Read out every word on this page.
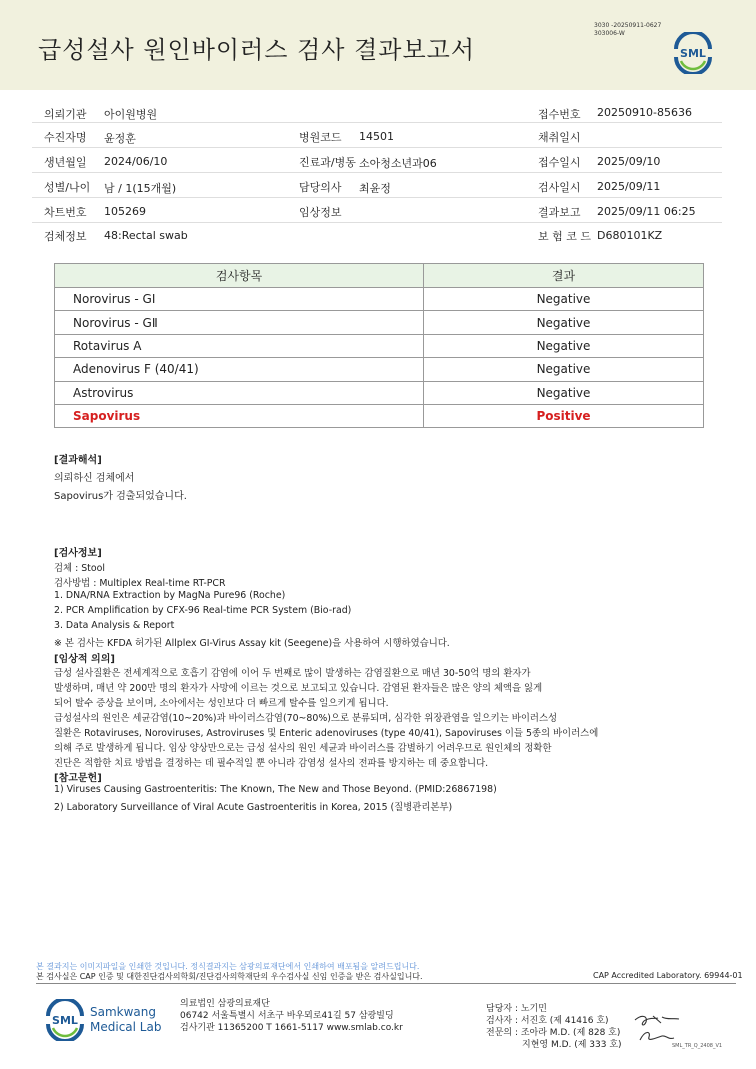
급성설사 원인바이러스 검사 결과보고서
3030 -20250911-0627
303006-W
SML
의뢰기관 아이원병원	접수번호 20250910-85636
수진자명 윤정훈	병원코드 14501	채취일시
생년월일 2024/06/10	진료과/병동 소아청소년과06	접수일시 2025/09/10
성별/나이 남 / 1(15개월)	담당의사 최윤정	검사일시 2025/09/11
차트번호 105269	임상정보	결과보고 2025/09/11 06:25
검체정보 48:Rectal swab	보 험 코 드 D680101KZ
검사항목	결과
Norovirus - GⅠ	Negative
Norovirus - GⅡ	Negative
Rotavirus A	Negative
Adenovirus F (40/41)	Negative
Astrovirus	Negative
Sapovirus	Positive
[결과해석]
의뢰하신 검체에서
Sapovirus가 검출되었습니다.
[검사정보]
검체 : Stool
검사방법 : Multiplex Real-time RT-PCR
1. DNA/RNA Extraction by MagNa Pure96 (Roche)
2. PCR Amplification by CFX-96 Real-time PCR System (Bio-rad)
3. Data Analysis & Report
※ 본 검사는 KFDA 허가된 Allplex GI-Virus Assay kit (Seegene)을 사용하여 시행하였습니다.
[임상적 의의]
급성 설사질환은 전세계적으로 호흡기 감염에 이어 두 번째로 많이 발생하는 감염질환으로 매년 30-50억 명의 환자가
발생하며, 매년 약 200만 명의 환자가 사망에 이르는 것으로 보고되고 있습니다. 감염된 환자들은 많은 양의 체액을 잃게
되어 탈수 증상을 보이며, 소아에서는 성인보다 더 빠르게 탈수를 일으키게 됩니다.
급성설사의 원인은 세균감염(10~20%)과 바이러스감염(70~80%)으로 분류되며, 심각한 위장관염을 일으키는 바이러스성
질환은 Rotaviruses, Noroviruses, Astroviruses 및 Enteric adenoviruses (type 40/41), Sapoviruses 이들 5종의 바이러스에
의해 주로 발생하게 됩니다. 임상 양상만으로는 급성 설사의 원인 세균과 바이러스를 감별하기 어려우므로 원인체의 정확한
진단은 적합한 치료 방법을 결정하는 데 필수적일 뿐 아니라 감염성 설사의 전파를 방지하는 데 중요합니다.
[참고문헌]
1) Viruses Causing Gastroenteritis: The Known, The New and Those Beyond. (PMID:26867198)
2) Laboratory Surveillance of Viral Acute Gastroenteritis in Korea, 2015 (질병관리본부)
본 결과지는 이미지파일을 인쇄한 것입니다. 정식결과지는 삼광의료재단에서 인쇄하여 배포됨을 알려드립니다.
본 검사실은 CAP 인증 및 대한진단검사의학회/진단검사의학재단의 우수검사실 신임 인증을 받은 검사실입니다.	CAP Accredited Laboratory. 69944-01
SML
Samkwang
Medical Lab
의료법인 삼광의료재단
06742 서울특별시 서초구 바우뫼로41길 57 삼광빌딩
검사기관 11365200 T 1661-5117 www.smlab.co.kr
담당자 : 노기민
검사자 : 서진호 (제 41416 호)
전문의 : 조아라 M.D. (제 828 호)
지현영 M.D. (제 333 호)	SML_TR_Q_2408_V1
